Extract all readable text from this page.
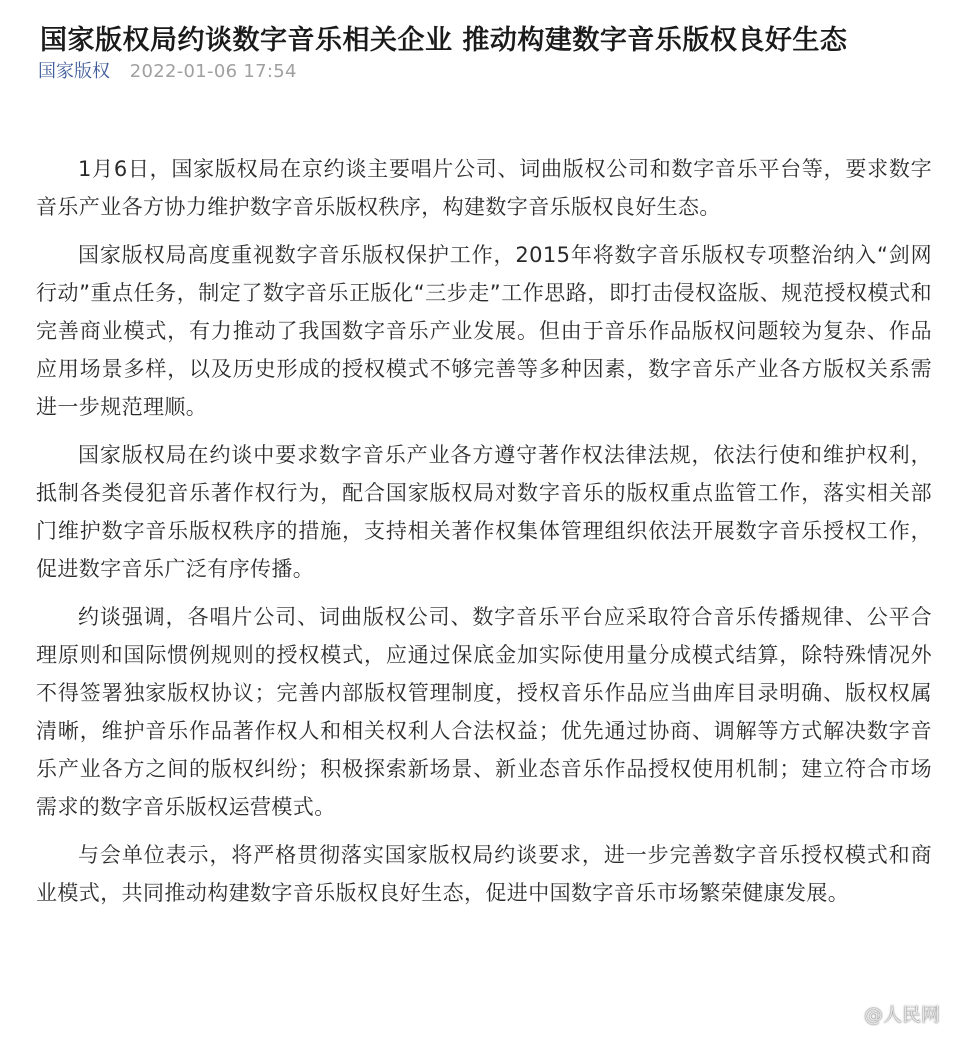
国家版权局约谈数字音乐相关企业 推动构建数字音乐版权良好生态
国家版权 2022-01-06 17:54

1月6日，国家版权局在京约谈主要唱片公司、词曲版权公司和数字音乐平台等，要求数字音乐产业各方协力维护数字音乐版权秩序，构建数字音乐版权良好生态。

国家版权局高度重视数字音乐版权保护工作，2015年将数字音乐版权专项整治纳入“剑网行动”重点任务，制定了数字音乐正版化“三步走”工作思路，即打击侵权盗版、规范授权模式和完善商业模式，有力推动了我国数字音乐产业发展。但由于音乐作品版权问题较为复杂、作品应用场景多样，以及历史形成的授权模式不够完善等多种因素，数字音乐产业各方版权关系需进一步规范理顺。

国家版权局在约谈中要求数字音乐产业各方遵守著作权法律法规，依法行使和维护权利，抵制各类侵犯音乐著作权行为，配合国家版权局对数字音乐的版权重点监管工作，落实相关部门维护数字音乐版权秩序的措施，支持相关著作权集体管理组织依法开展数字音乐授权工作，促进数字音乐广泛有序传播。

约谈强调，各唱片公司、词曲版权公司、数字音乐平台应采取符合音乐传播规律、公平合理原则和国际惯例规则的授权模式，应通过保底金加实际使用量分成模式结算，除特殊情况外不得签署独家版权协议；完善内部版权管理制度，授权音乐作品应当曲库目录明确、版权权属清晰，维护音乐作品著作权人和相关权利人合法权益；优先通过协商、调解等方式解决数字音乐产业各方之间的版权纠纷；积极探索新场景、新业态音乐作品授权使用机制；建立符合市场需求的数字音乐版权运营模式。

与会单位表示，将严格贯彻落实国家版权局约谈要求，进一步完善数字音乐授权模式和商业模式，共同推动构建数字音乐版权良好生态，促进中国数字音乐市场繁荣健康发展。

@人民网
